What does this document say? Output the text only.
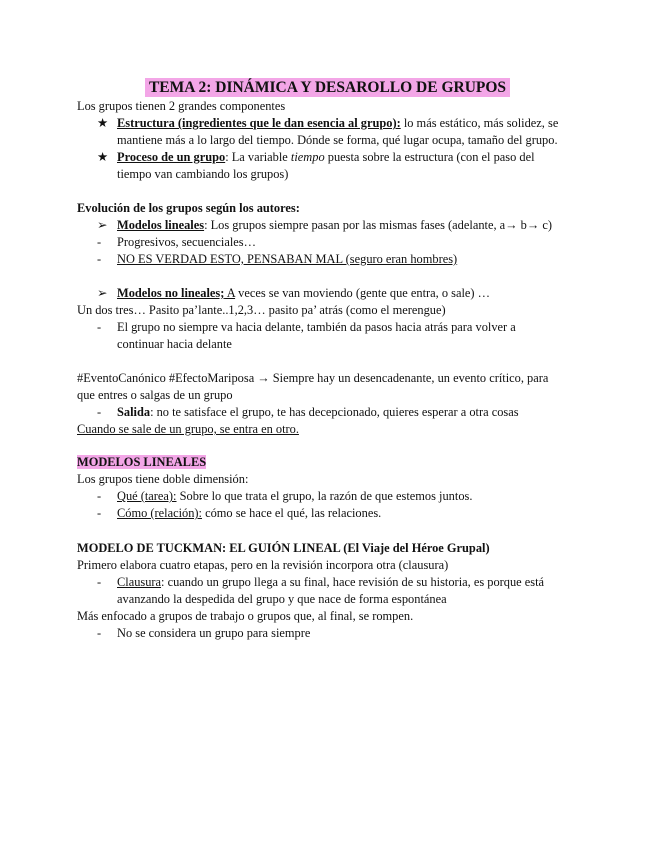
TEMA 2: DINÁMICA Y DESAROLLO DE GRUPOS
Los grupos tienen 2 grandes componentes
★ Estructura (ingredientes que le dan esencia al grupo): lo más estático, más solidez, se
mantiene más a lo largo del tiempo. Dónde se forma, qué lugar ocupa, tamaño del grupo.
★ Proceso de un grupo: La variable tiempo puesta sobre la estructura (con el paso del
tiempo van cambiando los grupos)
Evolución de los grupos según los autores:
➢ Modelos lineales: Los grupos siempre pasan por las mismas fases (adelante, a→ b→ c)
- Progresivos, secuenciales…
- NO ES VERDAD ESTO, PENSABAN MAL (seguro eran hombres)
➢ Modelos no lineales; A veces se van moviendo (gente que entra, o sale) …
Un dos tres… Pasito pa’lante..1,2,3… pasito pa’ atrás (como el merengue)
- El grupo no siempre va hacia delante, también da pasos hacia atrás para volver a
continuar hacia delante
#EventoCanónico #EfectoMariposa → Siempre hay un desencadenante, un evento crítico, para
que entres o salgas de un grupo
- Salida: no te satisface el grupo, te has decepcionado, quieres esperar a otra cosas
Cuando se sale de un grupo, se entra en otro.
MODELOS LINEALES
Los grupos tiene doble dimensión:
- Qué (tarea): Sobre lo que trata el grupo, la razón de que estemos juntos.
- Cómo (relación): cómo se hace el qué, las relaciones.
MODELO DE TUCKMAN: EL GUIÓN LINEAL (El Viaje del Héroe Grupal)
Primero elabora cuatro etapas, pero en la revisión incorpora otra (clausura)
- Clausura: cuando un grupo llega a su final, hace revisión de su historia, es porque está
avanzando la despedida del grupo y que nace de forma espontánea
Más enfocado a grupos de trabajo o grupos que, al final, se rompen.
- No se considera un grupo para siempre
